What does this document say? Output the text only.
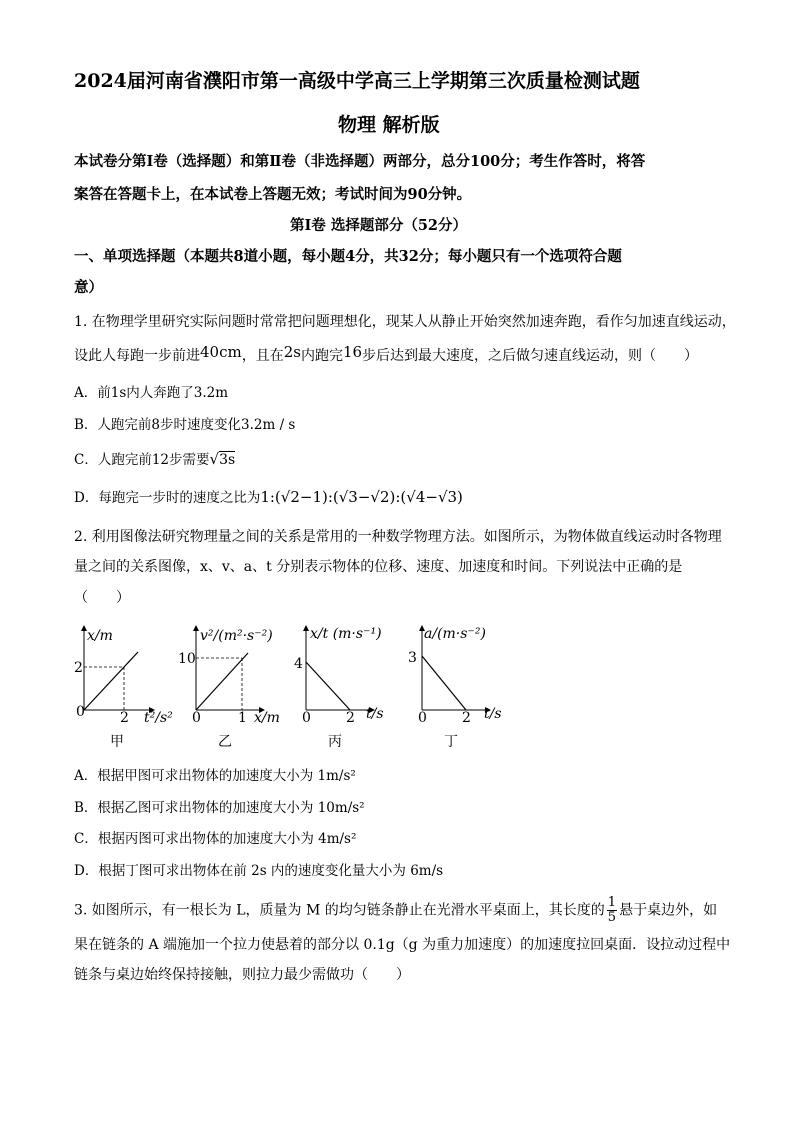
2024届河南省濮阳市第一高级中学高三上学期第三次质量检测试题
物理 解析版
本试卷分第Ⅰ卷（选择题）和第Ⅱ卷（非选择题）两部分，总分100分；考生作答时，将答
案答在答题卡上，在本试卷上答题无效；考试时间为90分钟。
第Ⅰ卷 选择题部分（52分）
一、单项选择题（本题共8道小题，每小题4分，共32分；每小题只有一个选项符合题
意）
1. 在物理学里研究实际问题时常常把问题理想化，现某人从静止开始突然加速奔跑，看作匀加速直线运动，
设此人每跑一步前进40cm，且在2s内跑完16步后达到最大速度，之后做匀速直线运动，则（　　）
A．前1s内人奔跑了3.2m
B．人跑完前8步时速度变化3.2m / s
C．人跑完前12步需要√3s
D．每跑完一步时的速度之比为1:(√2−1):(√3−√2):(√4−√3)
2. 利用图像法研究物理量之间的关系是常用的一种数学物理方法。如图所示，为物体做直线运动时各物理
量之间的关系图像，x、v、a、t 分别表示物体的位移、速度、加速度和时间。下列说法中正确的是
（　　）
x/m
2
0	2 t²/s²
甲
v²/(m²·s⁻²)
10
0	1 x/m
乙
x/t (m·s⁻¹)
4
0	2 t/s
丙
a/(m·s⁻²)
3
0	2 t/s
丁
A．根据甲图可求出物体的加速度大小为 1m/s²
B．根据乙图可求出物体的加速度大小为 10m/s²
C．根据丙图可求出物体的加速度大小为 4m/s²
D．根据丁图可求出物体在前 2s 内的速度变化量大小为 6m/s
3. 如图所示，有一根长为 L，质量为 M 的均匀链条静止在光滑水平桌面上，其长度的 $\frac{1}{5}$ 悬于桌边外，如
果在链条的 A 端施加一个拉力使悬着的部分以 0.1g（g 为重力加速度）的加速度拉回桌面．设拉动过程中
链条与桌边始终保持接触，则拉力最少需做功（　　）
